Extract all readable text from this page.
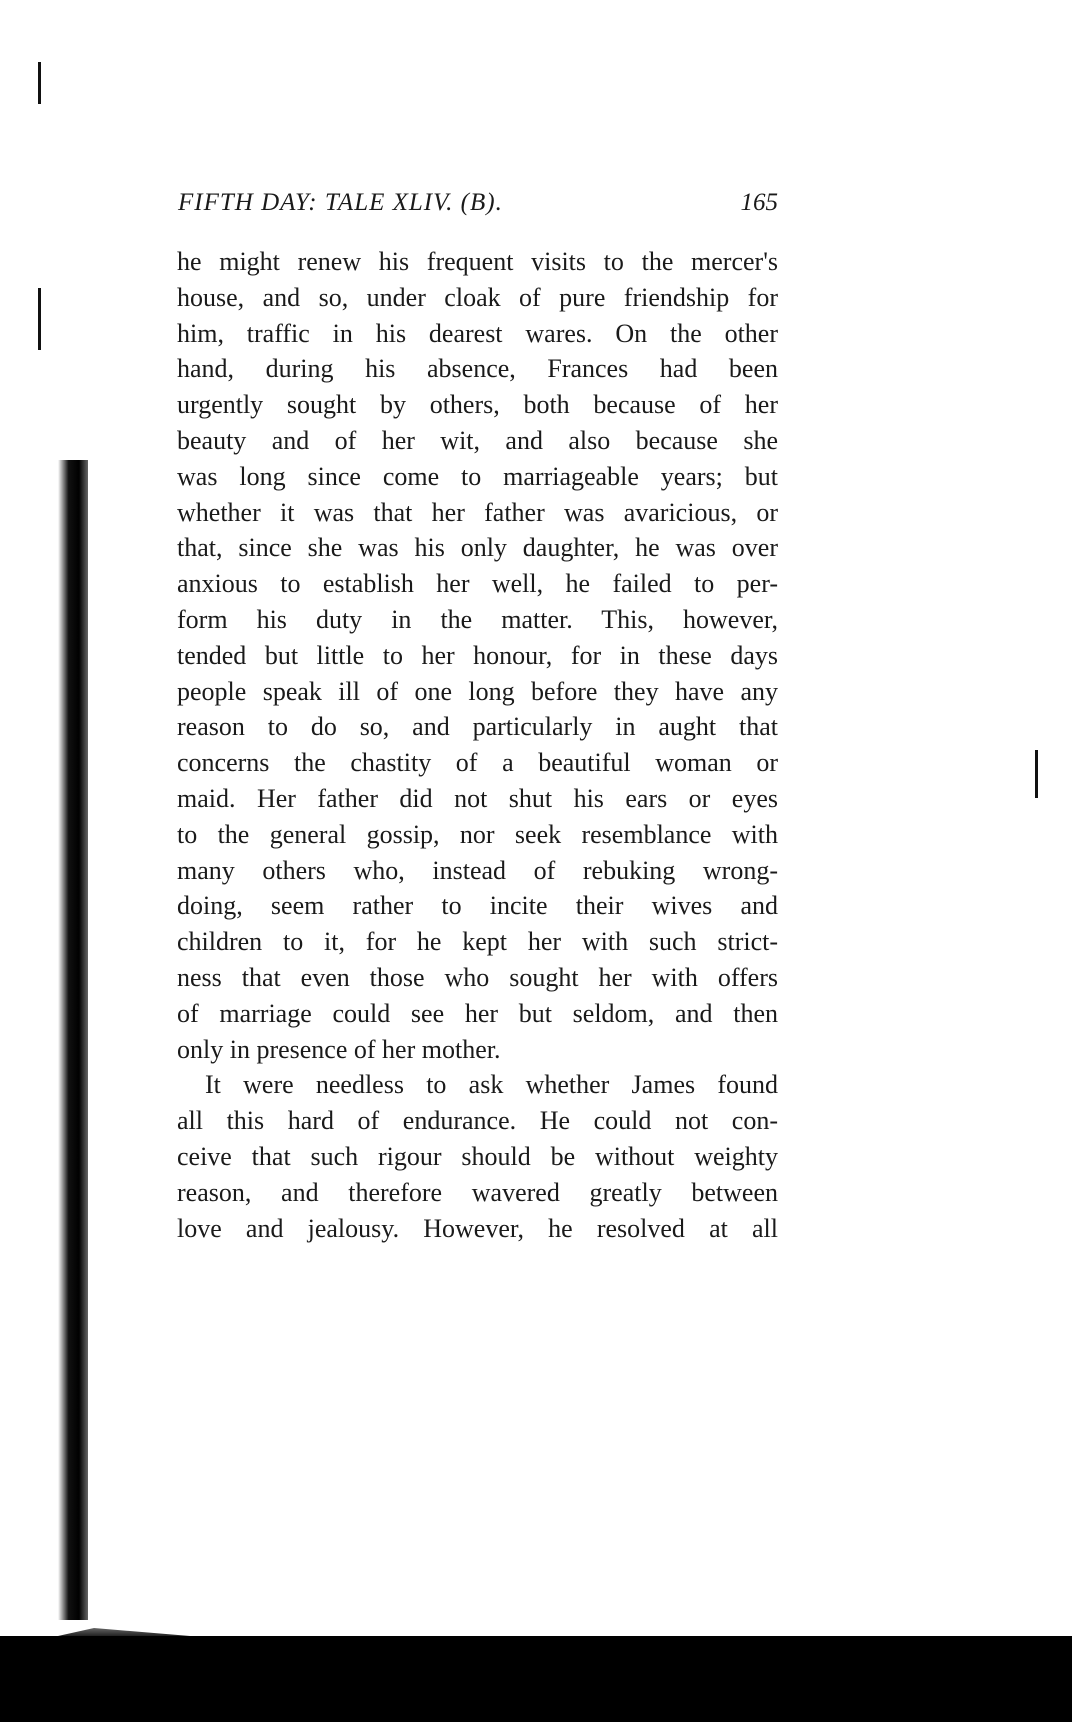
FIFTH DAY: TALE XLIV. (B).	165
he might renew his frequent visits to the mercer's
house, and so, under cloak of pure friendship for
him, traffic in his dearest wares. On the other
hand, during his absence, Frances had been
urgently sought by others, both because of her
beauty and of her wit, and also because she
was long since come to marriageable years; but
whether it was that her father was avaricious, or
that, since she was his only daughter, he was over
anxious to establish her well, he failed to per-
form his duty in the matter. This, however,
tended but little to her honour, for in these days
people speak ill of one long before they have any
reason to do so, and particularly in aught that
concerns the chastity of a beautiful woman or
maid. Her father did not shut his ears or eyes
to the general gossip, nor seek resemblance with
many others who, instead of rebuking wrong-
doing, seem rather to incite their wives and
children to it, for he kept her with such strict-
ness that even those who sought her with offers
of marriage could see her but seldom, and then
only in presence of her mother.
It were needless to ask whether James found
all this hard of endurance. He could not con-
ceive that such rigour should be without weighty
reason, and therefore wavered greatly between
love and jealousy. However, he resolved at all
